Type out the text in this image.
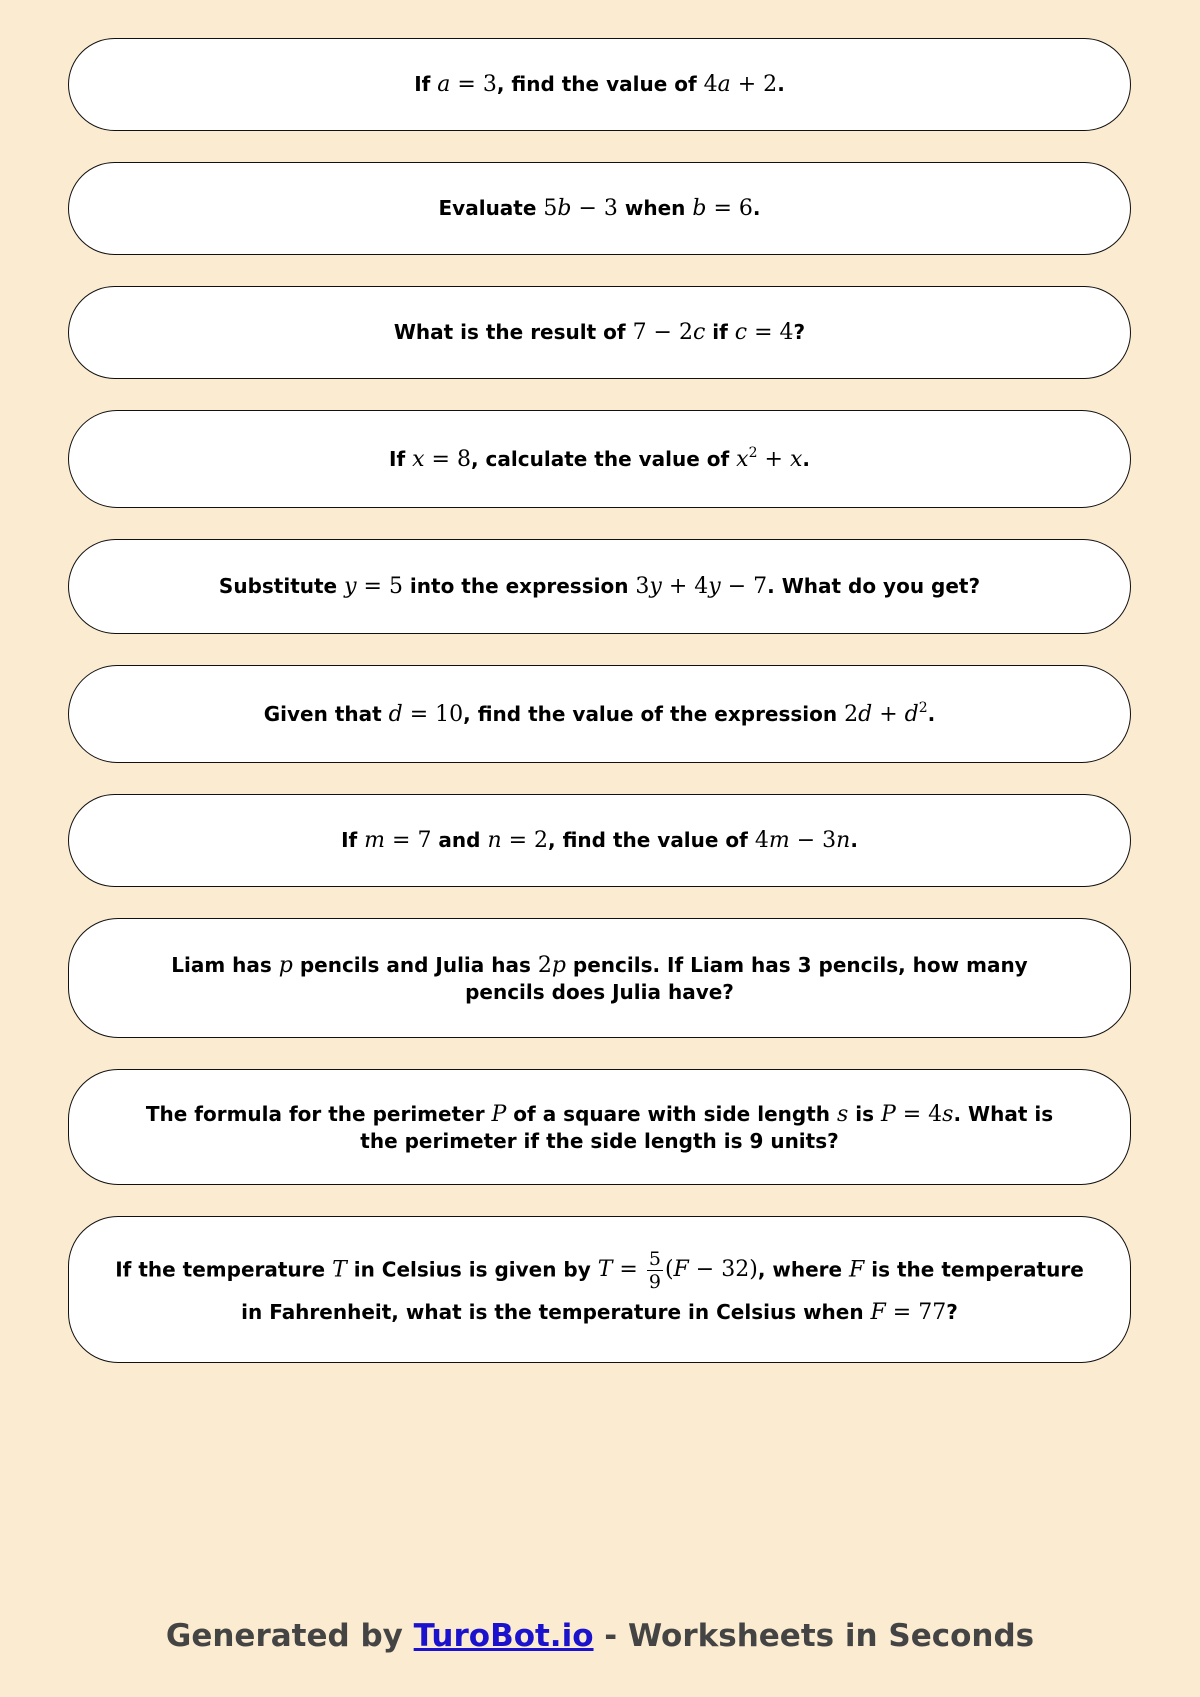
If a = 3, find the value of 4a + 2.
Evaluate 5b − 3 when b = 6.
What is the result of 7 − 2c if c = 4?
If x = 8, calculate the value of $x^2 + x$.
Substitute y = 5 into the expression 3y + 4y − 7. What do you get?
Given that d = 10, find the value of the expression $2d + d^2$.
If m = 7 and n = 2, find the value of 4m − 3n.
Liam has p pencils and Julia has 2p pencils. If Liam has 3 pencils, how many pencils does Julia have?
The formula for the perimeter P of a square with side length s is P = 4s. What is the perimeter if the side length is 9 units?
If the temperature T in Celsius is given by $T = \frac{5}{9} (F - 32)$, where F is the temperature in Fahrenheit, what is the temperature in Celsius when F = 77?
Generated by TuroBot.io - Worksheets in Seconds
